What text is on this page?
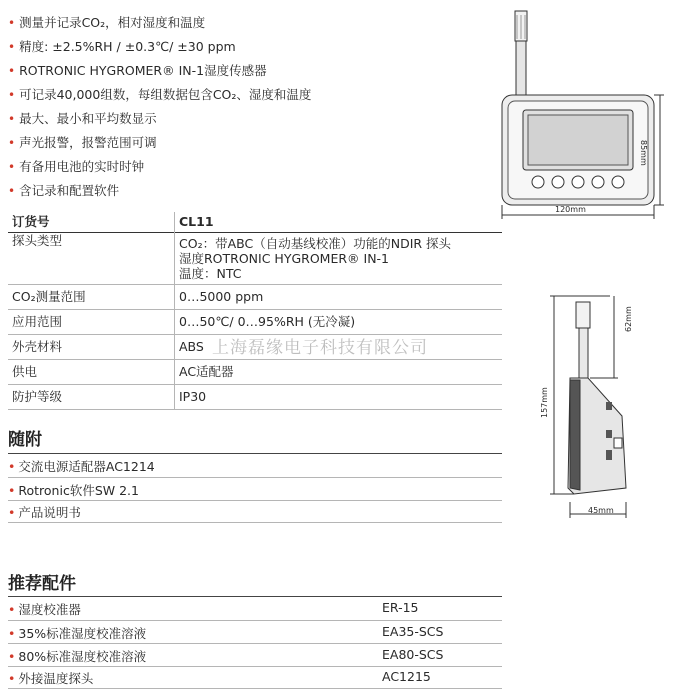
• 测量并记录CO₂，相对湿度和温度
• 精度: ±2.5%RH / ±0.3℃/ ±30 ppm
• ROTRONIC HYGROMER® IN-1湿度传感器
• 可记录40,000组数，每组数据包含CO₂、湿度和温度
• 最大、最小和平均数显示
• 声光报警，报警范围可调
• 有备用电池的实时时钟
• 含记录和配置软件
120mm
85mm
157mm
62mm
45mm
订货号	CL11
探头类型	CO₂：带ABC（自动基线校准）功能的NDIR 探头
湿度ROTRONIC HYGROMER® IN-1
温度：NTC

CO₂测量范围	0…5000 ppm
应用范围	0…50℃/ 0…95%RH (无冷凝)
外壳材料	ABS
供电	AC适配器
防护等级	IP30
上海磊缘电子科技有限公司
随附
• 交流电源适配器AC1214
• Rotronic软件SW 2.1
• 产品说明书
推荐配件
• 湿度校准器	ER-15
• 35%标准湿度校准溶液	EA35-SCS
• 80%标准湿度校准溶液	EA80-SCS
• 外接温度探头	AC1215
